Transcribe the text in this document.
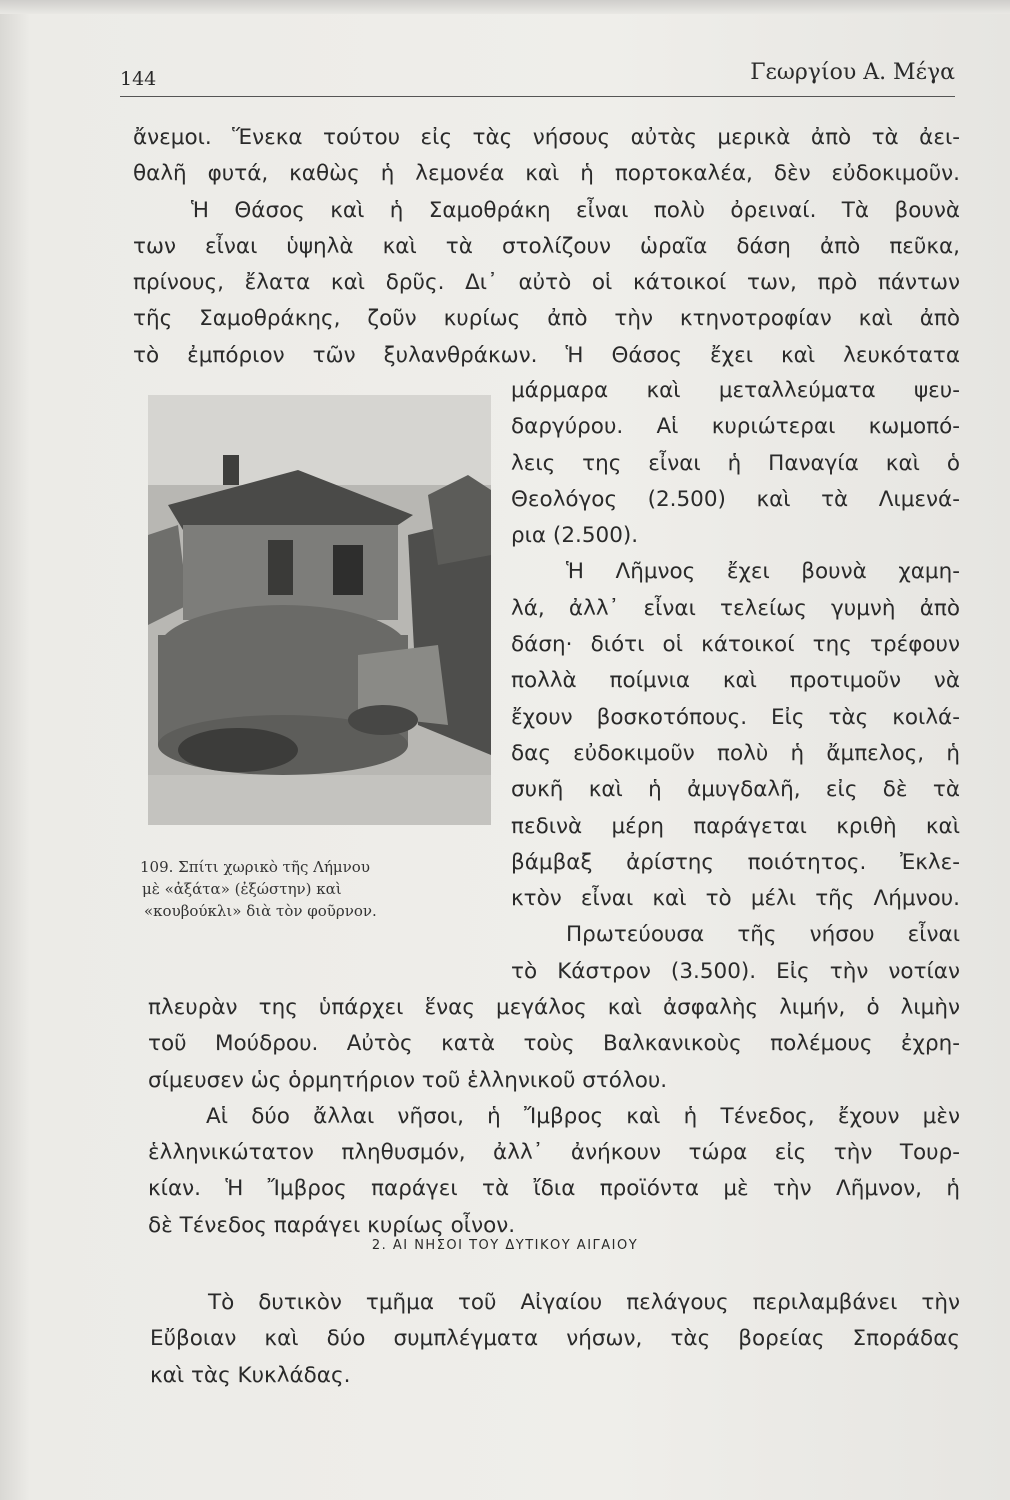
144	Γεωργίου Α. Μέγα
ἄνεμοι. Ἕνεκα τούτου εἰς τὰς νήσους αὐτὰς μερικὰ ἀπὸ τὰ ἀει-
θαλῆ φυτά, καθὼς ἡ λεμονέα καὶ ἡ πορτοκαλέα, δὲν εὐδοκιμοῦν.
Ἡ Θάσος καὶ ἡ Σαμοθράκη εἶναι πολὺ ὀρειναί. Τὰ βουνὰ
των εἶναι ὑψηλὰ καὶ τὰ στολίζουν ὡραῖα δάση ἀπὸ πεῦκα,
πρίνους, ἔλατα καὶ δρῦς. Δι᾿ αὐτὸ οἱ κάτοικοί των, πρὸ πάντων
τῆς Σαμοθράκης, ζοῦν κυρίως ἀπὸ τὴν κτηνοτροφίαν καὶ ἀπὸ
τὸ ἐμπόριον τῶν ξυλανθράκων. Ἡ Θάσος ἔχει καὶ λευκότατα
109. Σπίτι χωρικὸ τῆς Λήμνου
μὲ «ἀξάτα» (ἐξώστην) καὶ
«κουβούκλι» διὰ τὸν φοῦρνον.
μάρμαρα καὶ μεταλλεύματα ψευ-
δαργύρου. Αἱ κυριώτεραι κωμοπό-
λεις της εἶναι ἡ Παναγία καὶ ὁ
Θεολόγος (2.500) καὶ τὰ Λιμενά-
ρια (2.500).
Ἡ Λῆμνος ἔχει βουνὰ χαμη-
λά, ἀλλ᾿ εἶναι τελείως γυμνὴ ἀπὸ
δάση· διότι οἱ κάτοικοί της τρέφουν
πολλὰ ποίμνια καὶ προτιμοῦν νὰ
ἔχουν βοσκοτόπους. Εἰς τὰς κοιλά-
δας εὐδοκιμοῦν πολὺ ἡ ἄμπελος, ἡ
συκῆ καὶ ἡ ἀμυγδαλῆ, εἰς δὲ τὰ
πεδινὰ μέρη παράγεται κριθὴ καὶ
βάμβαξ ἀρίστης ποιότητος. Ἐκλε-
κτὸν εἶναι καὶ τὸ μέλι τῆς Λήμνου.
Πρωτεύουσα τῆς νήσου εἶναι
τὸ Κάστρον (3.500). Εἰς τὴν νοτίαν
πλευρὰν της ὑπάρχει ἕνας μεγάλος καὶ ἀσφαλὴς λιμήν, ὁ λιμὴν
τοῦ Μούδρου. Αὐτὸς κατὰ τοὺς Βαλκανικοὺς πολέμους ἐχρη-
σίμευσεν ὡς ὁρμητήριον τοῦ ἑλληνικοῦ στόλου.
Αἱ δύο ἄλλαι νῆσοι, ἡ Ἴμβρος καὶ ἡ Τένεδος, ἔχουν μὲν
ἑλληνικώτατον πληθυσμόν, ἀλλ᾿ ἀνήκουν τώρα εἰς τὴν Τουρ-
κίαν. Ἡ Ἴμβρος παράγει τὰ ἴδια προϊόντα μὲ τὴν Λῆμνον, ἡ
δὲ Τένεδος παράγει κυρίως οἶνον.
2. ΑΙ ΝΗΣΟΙ ΤΟΥ ΔΥΤΙΚΟΥ ΑΙΓΑΙΟΥ
Τὸ δυτικὸν τμῆμα τοῦ Αἰγαίου πελάγους περιλαμβάνει τὴν
Εὔβοιαν καὶ δύο συμπλέγματα νήσων, τὰς βορείας Σποράδας
καὶ τὰς Κυκλάδας.
